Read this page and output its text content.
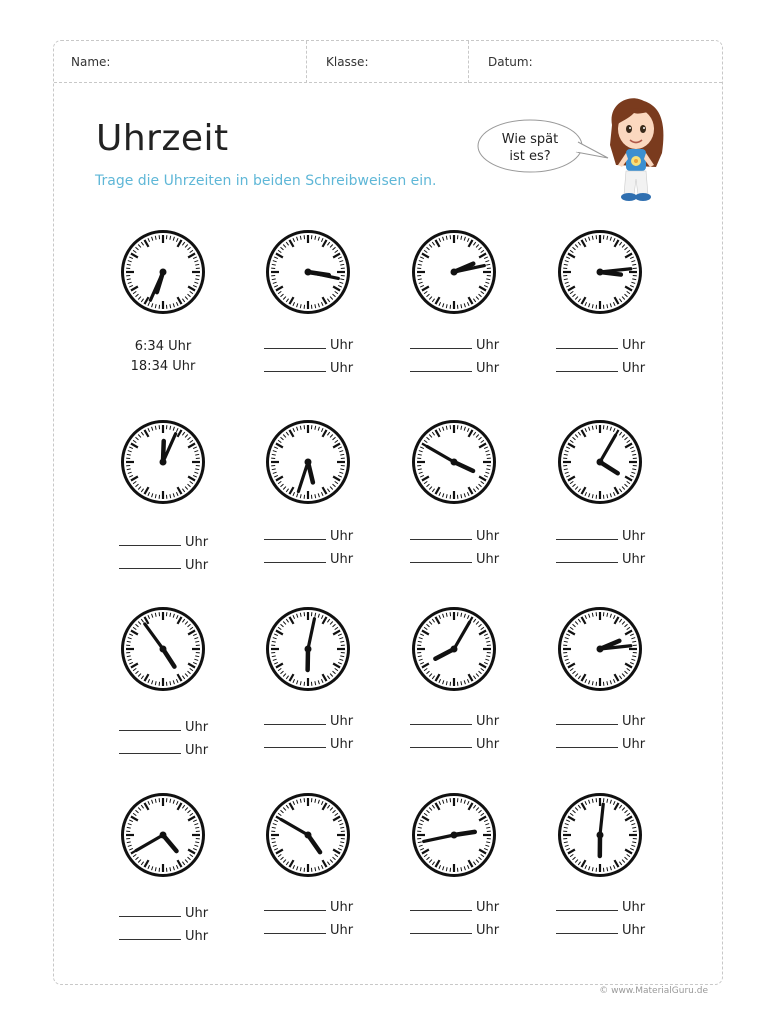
Name:	Klasse:	Datum:
Uhrzeit
Trage die Uhrzeiten in beiden Schreibweisen ein.
Wie spät
ist es?
6:34 Uhr
18:34 Uhr
Uhr
Uhr
Uhr
Uhr
Uhr
Uhr
Uhr
Uhr
Uhr
Uhr
Uhr
Uhr
Uhr
Uhr
Uhr
Uhr
Uhr
Uhr
Uhr
Uhr
Uhr
Uhr
Uhr
Uhr
Uhr
Uhr
Uhr
Uhr
Uhr
Uhr
© www.MaterialGuru.de
